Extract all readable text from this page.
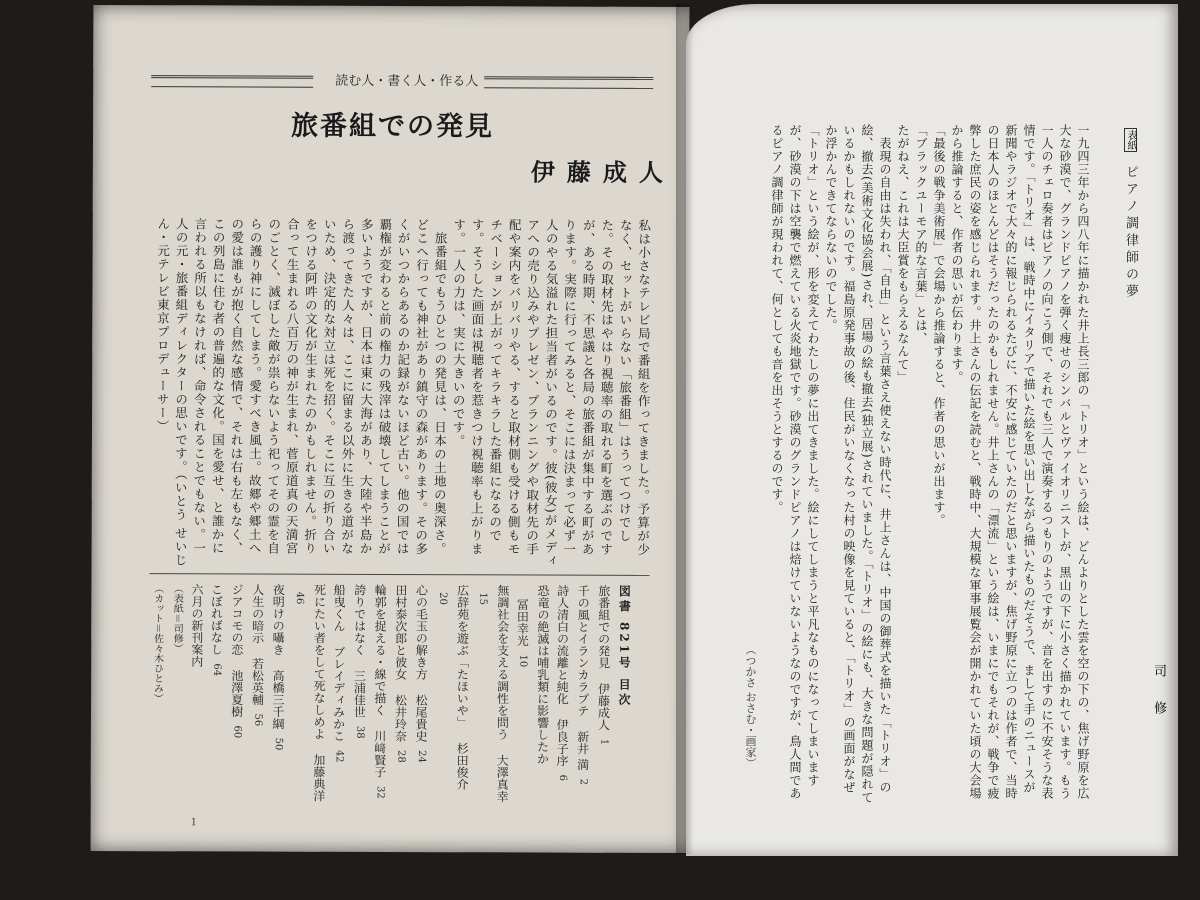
読む人・書く人・作る人
旅番組での発見
伊藤成人
私は小さなテレビ局で番組を作ってきました。予算が少なく、セットがいらない「旅番組」はうってつけでした。その取材先はやはり視聴率の取れる町を選ぶのですが、ある時期、不思議と各局の旅番組が集中する町があります。実際に行ってみると、そこには決まって必ず一人のやる気溢れた担当者がいるのです。彼(彼女)がメディアへの売り込みやプレゼン、プランニングや取材先の手配や案内をバリバリやる、すると取材側も受ける側もモチベーションが上がってキラキラした番組になるのです。そうした画面は視聴者を惹きつけ視聴率も上がります。一人の力は、実に大きいのです。
　旅番組でもうひとつの発見は、日本の土地の奥深さ。どこへ行っても神社があり鎮守の森があります。その多くがいつからあるのか記録がないほど古い。他の国では覇権が変わると前の権力の残滓は破壊してしまうことが多いようですが、日本は東に大海があり、大陸や半島から渡ってきた人々は、ここに留まる以外に生きる道がないため、決定的な対立は死を招く。そこに互の折り合いをつける阿吽の文化が生まれたのかもしれません。折り合って生まれる八百万の神が生まれ、菅原道真の天満宮のごとく、滅ぼした敵が祟らないよう祀ってその霊を自らの護り神にしてしまう。愛すべき風土。故郷や郷土への愛は誰もが抱く自然な感情で、それは右も左もなく、この列島に住む者の普遍的な文化。国を愛せ、と誰かに言われる所以もなければ、命令されることでもない。一人の元・旅番組ディレクターの思いです。（いとう せいじん・元テレビ東京プロデューサー）

図書 821号 目次

旅番組での発見伊藤成人1

千の風とイランカラプテ新井 満2

詩人清白の流離と純化伊良子序6

恐竜の絶滅は哺乳類に影響したか冨田幸光10

無調社会を支える調性を問う大澤真幸15

広辞苑を遊ぶ「たほいや」杉田俊介20

心の毛玉の解き方松尾貴史24

田村泰次郎と彼女松井玲奈28

輪郭を捉える・線で描く川﨑賢子32

誇りではなく三浦佳世38

船曳くんブレイディみかこ42

死にたい者をして死なしめよ加藤典洋46

夜明けの囁き高橋三千綱50

人生の暗示若松英輔56

ジアコモの恋池澤夏樹60

こぼればなし64

六月の新刊案内

（表紙＝司修）

（カット＝佐々木ひとみ）

1
表紙 ピアノ調律師の夢
一九四三年から四八年に描かれた井上長三郎の「トリオ」という絵は、どんよりとした雲を空の下の、焦げ野原を広大な砂漠で、グランドピアノを弾く痩せのシンバルとヴァイオリニストが、黒山の下に小さく描かれています。もう一人のチェロ奏者はピアノの向こう側で、それでも三人で演奏するつもりのようですが、音を出すのに不安そうな表情です。「トリオ」は、戦時中にイタリアで描いた絵を思い出しながら描いたものだそうで、まして手のニュースが新聞やラジオで大々的に報じられるたびに、不安に感じていたのだと思いますが、焦げ野原に立つのは作者で、当時の日本人のほとんどはそうだったのかもしれません。井上さんの「漂流」という絵は、いまにでもそれが、戦争で疲弊した庶民の姿を感じられます。井上さんの伝記を読むと、戦時中、大規模な軍事展覧会が開かれていた頃の大会場から推論すると、作者の思いが伝わります。
「最後の戦争美術展」で会場から推論すると、作者の思いが出ます。
「ブラックユーモア的な言葉」とは、
たがねえ、これは大臣賞をもらえるなんて」
　表現の自由は失われ、「自由」という言葉さえ使えない時代に、井上さんは、中国の御葬式を描いた「トリオ」の絵、撤去(美術文化協会展)され、居場の絵も撤去(独立展)されていました。「トリオ」の絵にも、大きな問題が隠れているかもしれないのです。福島原発事故の後、住民がいなくなった村の映像を見ていると、「トリオ」の画面がなぜか浮かんできてならないのでした。
「トリオ」という絵が、形を変えてわたしの夢に出てきました。絵にしてしまうと平凡なものになってしまいますが、砂漠の下は空襲で燃えている火炎地獄です。砂漠のグランドピアノは焙けていないようなのですが、鳥人間であるピアノ調律師が現われて、何としても音を出そうとするのです。
（つかさ おさむ・画家）	司 修
